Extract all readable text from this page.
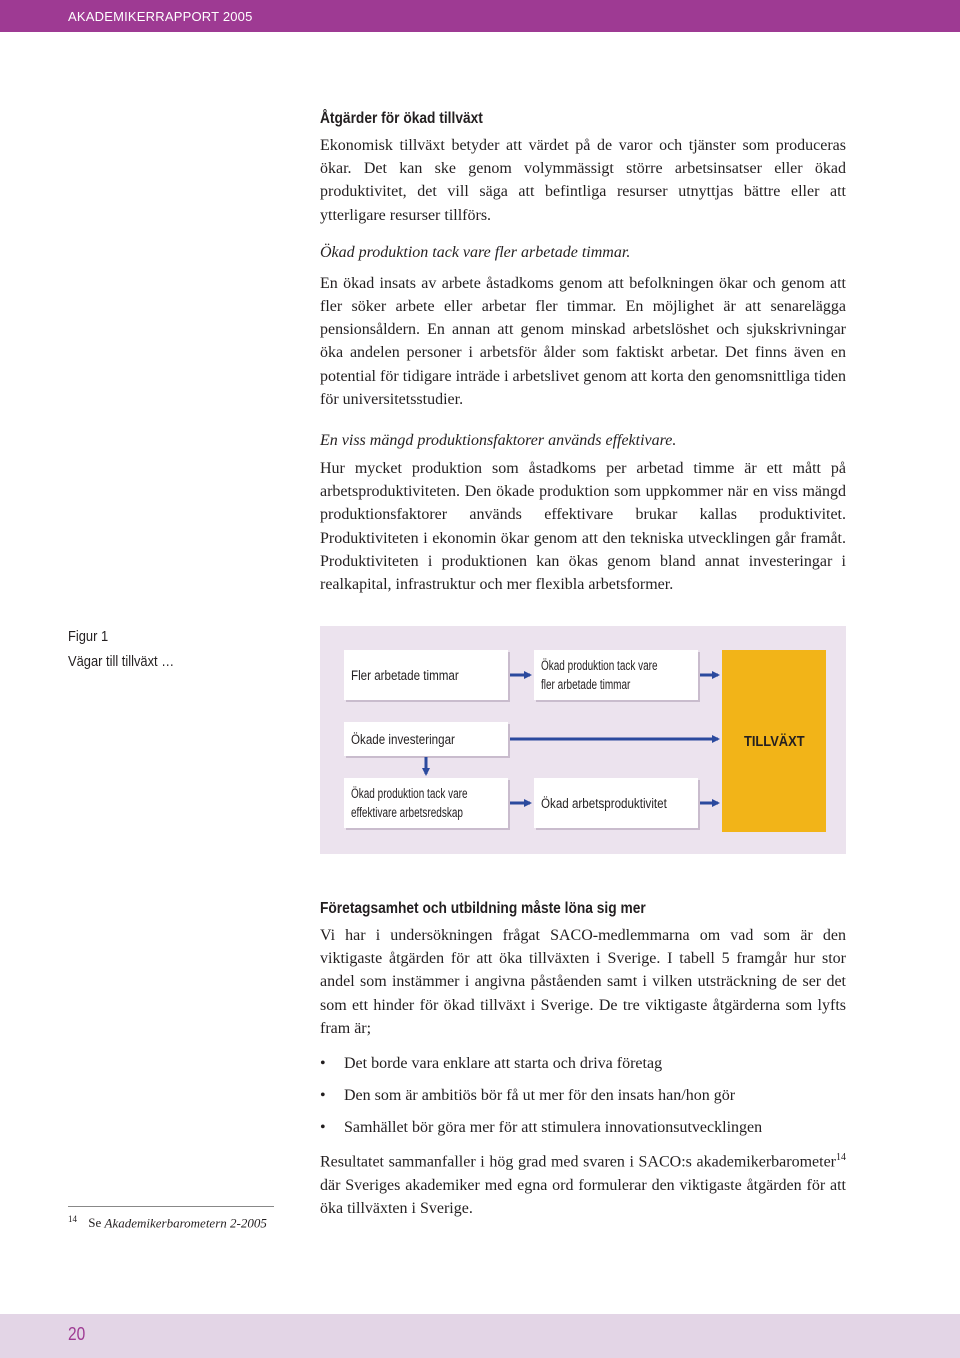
AKADEMIKERRAPPORT 2005
Åtgärder för ökad tillväxt

Ekonomisk tillväxt betyder att värdet på de varor och tjänster som produceras ökar. Det kan ske genom volymmässigt större arbetsinsatser eller ökad produktivitet, det vill säga att befintliga resurser utnyttjas bättre eller att ytterligare resurser tillförs.

Ökad produktion tack vare fler arbetade timmar.

En ökad insats av arbete åstadkoms genom att befolkningen ökar och genom att fler söker arbete eller arbetar fler timmar. En möjlighet är att senarelägga pensionsåldern. En annan att genom minskad arbetslöshet och sjukskrivningar öka andelen personer i arbetsför ålder som faktiskt arbetar. Det finns även en potential för tidigare inträde i arbetslivet genom att korta den genomsnittliga tiden för universitetsstudier.

En viss mängd produktionsfaktorer används effektivare.

Hur mycket produktion som åstadkoms per arbetad timme är ett mått på arbetsproduktiviteten. Den ökade produktion som uppkommer när en viss mängd produktionsfaktorer används effektivare brukar kallas produktivitet. Produktiviteten i ekonomin ökar genom att den tekniska utvecklingen går framåt. Produktiviteten i produktionen kan ökas genom bland annat investeringar i realkapital, infrastruktur och mer flexibla arbetsformer.

Figur 1
Vägar till tillväxt …
Fler arbetade timmar
Ökad produktion tack vare
fler arbetade timmar
Ökade investeringar
Ökad produktion tack vare
effektivare arbetsredskap
Ökad arbetsproduktivitet
TILLVÄXT
Företagsamhet och utbildning måste löna sig mer

Vi har i undersökningen frågat SACO-medlemmarna om vad som är den viktigaste åtgärden för att öka tillväxten i Sverige. I tabell 5 framgår hur stor andel som instämmer i angivna påståenden samt i vilken utsträckning de ser det som ett hinder för ökad tillväxt i Sverige. De tre viktigaste åtgärderna som lyfts fram är;

• Det borde vara enklare att starta och driva företag
• Den som är ambitiös bör få ut mer för den insats han/hon gör
• Samhället bör göra mer för att stimulera innovationsutvecklingen

Resultatet sammanfaller i hög grad med svaren i SACO:s akademikerbarometer$^{14}$ där Sveriges akademiker med egna ord formulerar den viktigaste åtgärden för att öka tillväxten i Sverige.

$^{14}$ Se Akademikerbarometern 2-2005
20
